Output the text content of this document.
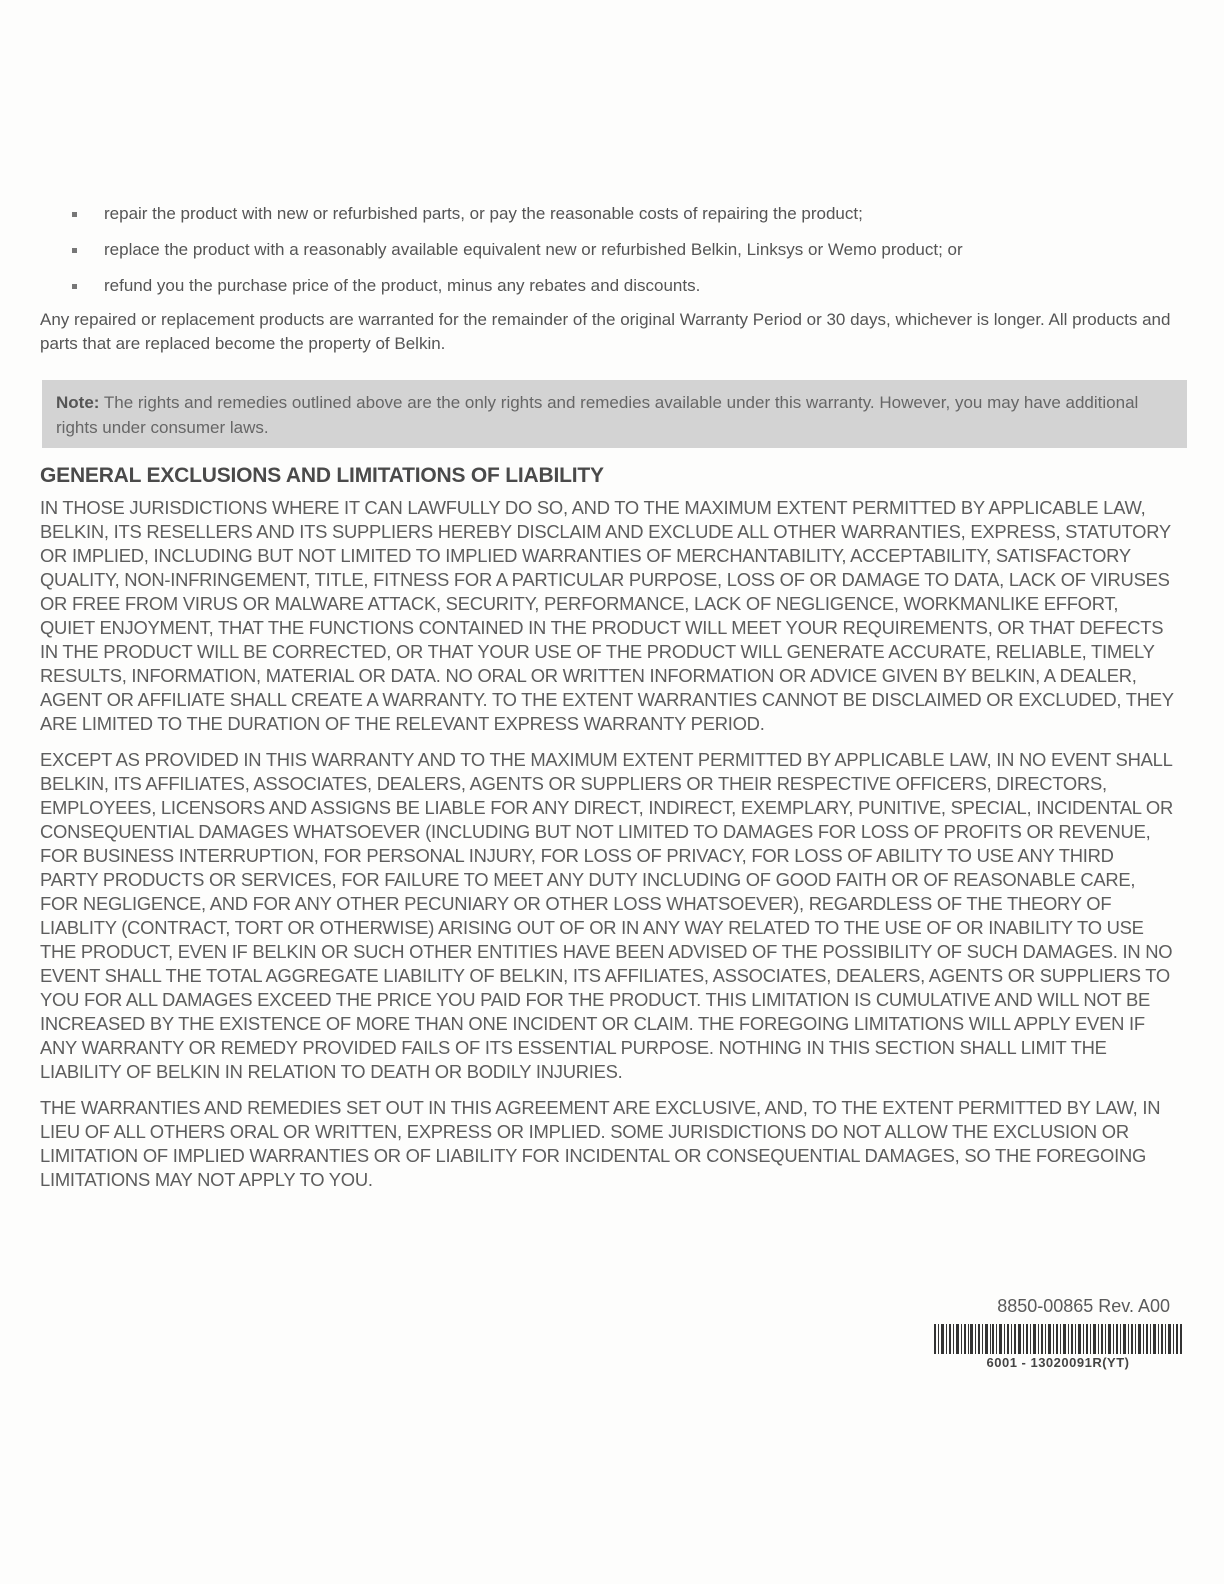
repair the product with new or refurbished parts, or pay the reasonable costs of repairing the product;
replace the product with a reasonably available equivalent new or refurbished Belkin, Linksys or Wemo product; or
refund you the purchase price of the product, minus any rebates and discounts.

Any repaired or replacement products are warranted for the remainder of the original Warranty Period or 30 days, whichever is longer. All products and parts that are replaced become the property of Belkin.

Note: The rights and remedies outlined above are the only rights and remedies available under this warranty. However, you may have additional rights under consumer laws.
GENERAL EXCLUSIONS AND LIMITATIONS OF LIABILITY

IN THOSE JURISDICTIONS WHERE IT CAN LAWFULLY DO SO, AND TO THE MAXIMUM EXTENT PERMITTED BY APPLICABLE LAW, BELKIN, ITS RESELLERS AND ITS SUPPLIERS HEREBY DISCLAIM AND EXCLUDE ALL OTHER WARRANTIES, EXPRESS, STATUTORY OR IMPLIED, INCLUDING BUT NOT LIMITED TO IMPLIED WARRANTIES OF MERCHANTABILITY, ACCEPTABILITY, SATISFACTORY QUALITY, NON-INFRINGEMENT, TITLE, FITNESS FOR A PARTICULAR PURPOSE, LOSS OF OR DAMAGE TO DATA, LACK OF VIRUSES OR FREE FROM VIRUS OR MALWARE ATTACK, SECURITY, PERFORMANCE, LACK OF NEGLIGENCE, WORKMANLIKE EFFORT, QUIET ENJOYMENT, THAT THE FUNCTIONS CONTAINED IN THE PRODUCT WILL MEET YOUR REQUIREMENTS, OR THAT DEFECTS IN THE PRODUCT WILL BE CORRECTED, OR THAT YOUR USE OF THE PRODUCT WILL GENERATE ACCURATE, RELIABLE, TIMELY RESULTS, INFORMATION, MATERIAL OR DATA. NO ORAL OR WRITTEN INFORMATION OR ADVICE GIVEN BY BELKIN, A DEALER, AGENT OR AFFILIATE SHALL CREATE A WARRANTY. TO THE EXTENT WARRANTIES CANNOT BE DISCLAIMED OR EXCLUDED, THEY ARE LIMITED TO THE DURATION OF THE RELEVANT EXPRESS WARRANTY PERIOD.

EXCEPT AS PROVIDED IN THIS WARRANTY AND TO THE MAXIMUM EXTENT PERMITTED BY APPLICABLE LAW, IN NO EVENT SHALL BELKIN, ITS AFFILIATES, ASSOCIATES, DEALERS, AGENTS OR SUPPLIERS OR THEIR RESPECTIVE OFFICERS, DIRECTORS, EMPLOYEES, LICENSORS AND ASSIGNS BE LIABLE FOR ANY DIRECT, INDIRECT, EXEMPLARY, PUNITIVE, SPECIAL, INCIDENTAL OR CONSEQUENTIAL DAMAGES WHATSOEVER (INCLUDING BUT NOT LIMITED TO DAMAGES FOR LOSS OF PROFITS OR REVENUE, FOR BUSINESS INTERRUPTION, FOR PERSONAL INJURY, FOR LOSS OF PRIVACY, FOR LOSS OF ABILITY TO USE ANY THIRD PARTY PRODUCTS OR SERVICES, FOR FAILURE TO MEET ANY DUTY INCLUDING OF GOOD FAITH OR OF REASONABLE CARE, FOR NEGLIGENCE, AND FOR ANY OTHER PECUNIARY OR OTHER LOSS WHATSOEVER), REGARDLESS OF THE THEORY OF LIABLITY (CONTRACT, TORT OR OTHERWISE) ARISING OUT OF OR IN ANY WAY RELATED TO THE USE OF OR INABILITY TO USE THE PRODUCT, EVEN IF BELKIN OR SUCH OTHER ENTITIES HAVE BEEN ADVISED OF THE POSSIBILITY OF SUCH DAMAGES. IN NO EVENT SHALL THE TOTAL AGGREGATE LIABILITY OF BELKIN, ITS AFFILIATES, ASSOCIATES, DEALERS, AGENTS OR SUPPLIERS TO YOU FOR ALL DAMAGES EXCEED THE PRICE YOU PAID FOR THE PRODUCT. THIS LIMITATION IS CUMULATIVE AND WILL NOT BE INCREASED BY THE EXISTENCE OF MORE THAN ONE INCIDENT OR CLAIM. THE FOREGOING LIMITATIONS WILL APPLY EVEN IF ANY WARRANTY OR REMEDY PROVIDED FAILS OF ITS ESSENTIAL PURPOSE. NOTHING IN THIS SECTION SHALL LIMIT THE LIABILITY OF BELKIN IN RELATION TO DEATH OR BODILY INJURIES.

THE WARRANTIES AND REMEDIES SET OUT IN THIS AGREEMENT ARE EXCLUSIVE, AND, TO THE EXTENT PERMITTED BY LAW, IN LIEU OF ALL OTHERS ORAL OR WRITTEN, EXPRESS OR IMPLIED. SOME JURISDICTIONS DO NOT ALLOW THE EXCLUSION OR LIMITATION OF IMPLIED WARRANTIES OR OF LIABILITY FOR INCIDENTAL OR CONSEQUENTIAL DAMAGES, SO THE FOREGOING LIMITATIONS MAY NOT APPLY TO YOU.

8850-00865 Rev. A00
6001 - 13020091R(YT)
